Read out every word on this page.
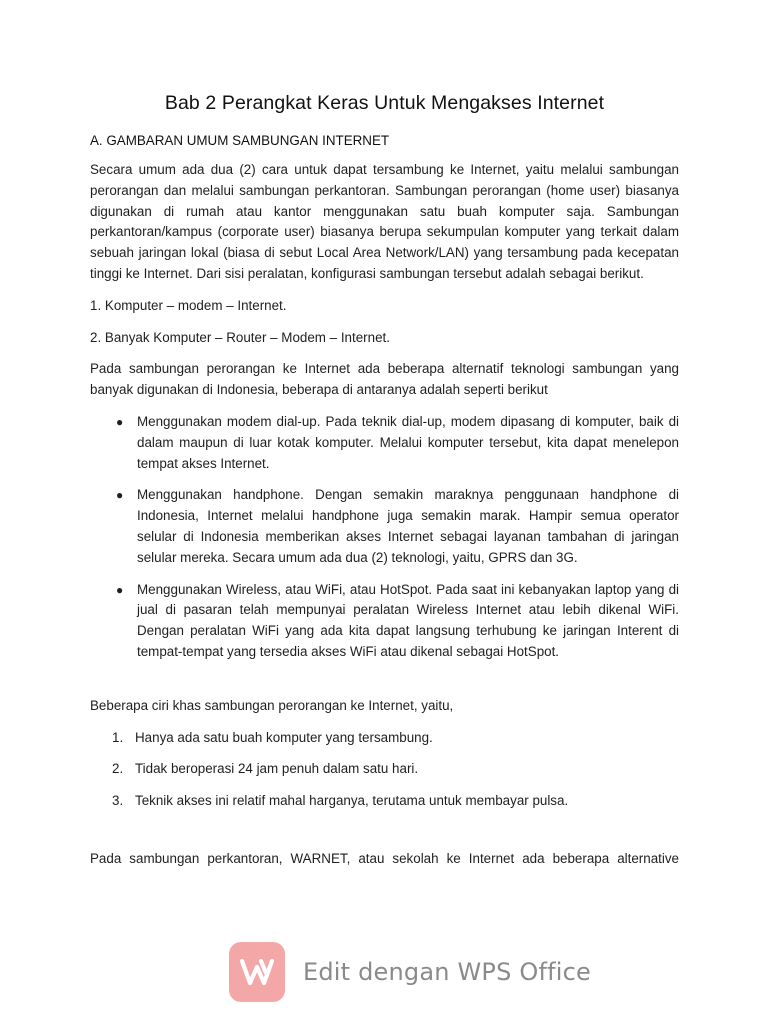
Bab 2 Perangkat Keras Untuk Mengakses Internet
A. GAMBARAN UMUM SAMBUNGAN INTERNET

Secara umum ada dua (2) cara untuk dapat tersambung ke Internet, yaitu melalui sambungan perorangan dan melalui sambungan perkantoran. Sambungan perorangan (home user) biasanya digunakan di rumah atau kantor menggunakan satu buah komputer saja. Sambungan perkantoran/kampus (corporate user) biasanya berupa sekumpulan komputer yang terkait dalam sebuah jaringan lokal (biasa di sebut Local Area Network/LAN) yang tersambung pada kecepatan tinggi ke Internet. Dari sisi peralatan, konfigurasi sambungan tersebut adalah sebagai berikut.

1. Komputer – modem – Internet.

2. Banyak Komputer – Router – Modem – Internet.

Pada sambungan perorangan ke Internet ada beberapa alternatif teknologi sambungan yang banyak digunakan di Indonesia, beberapa di antaranya adalah seperti berikut

● Menggunakan modem dial-up. Pada teknik dial-up, modem dipasang di komputer, baik di dalam maupun di luar kotak komputer. Melalui komputer tersebut, kita dapat menelepon tempat akses Internet.
● Menggunakan handphone. Dengan semakin maraknya penggunaan handphone di Indonesia, Internet melalui handphone juga semakin marak. Hampir semua operator selular di Indonesia memberikan akses Internet sebagai layanan tambahan di jaringan selular mereka. Secara umum ada dua (2) teknologi, yaitu, GPRS dan 3G.
● Menggunakan Wireless, atau WiFi, atau HotSpot. Pada saat ini kebanyakan laptop yang di jual di pasaran telah mempunyai peralatan Wireless Internet atau lebih dikenal WiFi. Dengan peralatan WiFi yang ada kita dapat langsung terhubung ke jaringan Interent di tempat-tempat yang tersedia akses WiFi atau dikenal sebagai HotSpot.

Beberapa ciri khas sambungan perorangan ke Internet, yaitu,

1. Hanya ada satu buah komputer yang tersambung.
2. Tidak beroperasi 24 jam penuh dalam satu hari.
3. Teknik akses ini relatif mahal harganya, terutama untuk membayar pulsa.

Pada sambungan perkantoran, WARNET, atau sekolah ke Internet ada beberapa alternative

Edit dengan WPS Office
